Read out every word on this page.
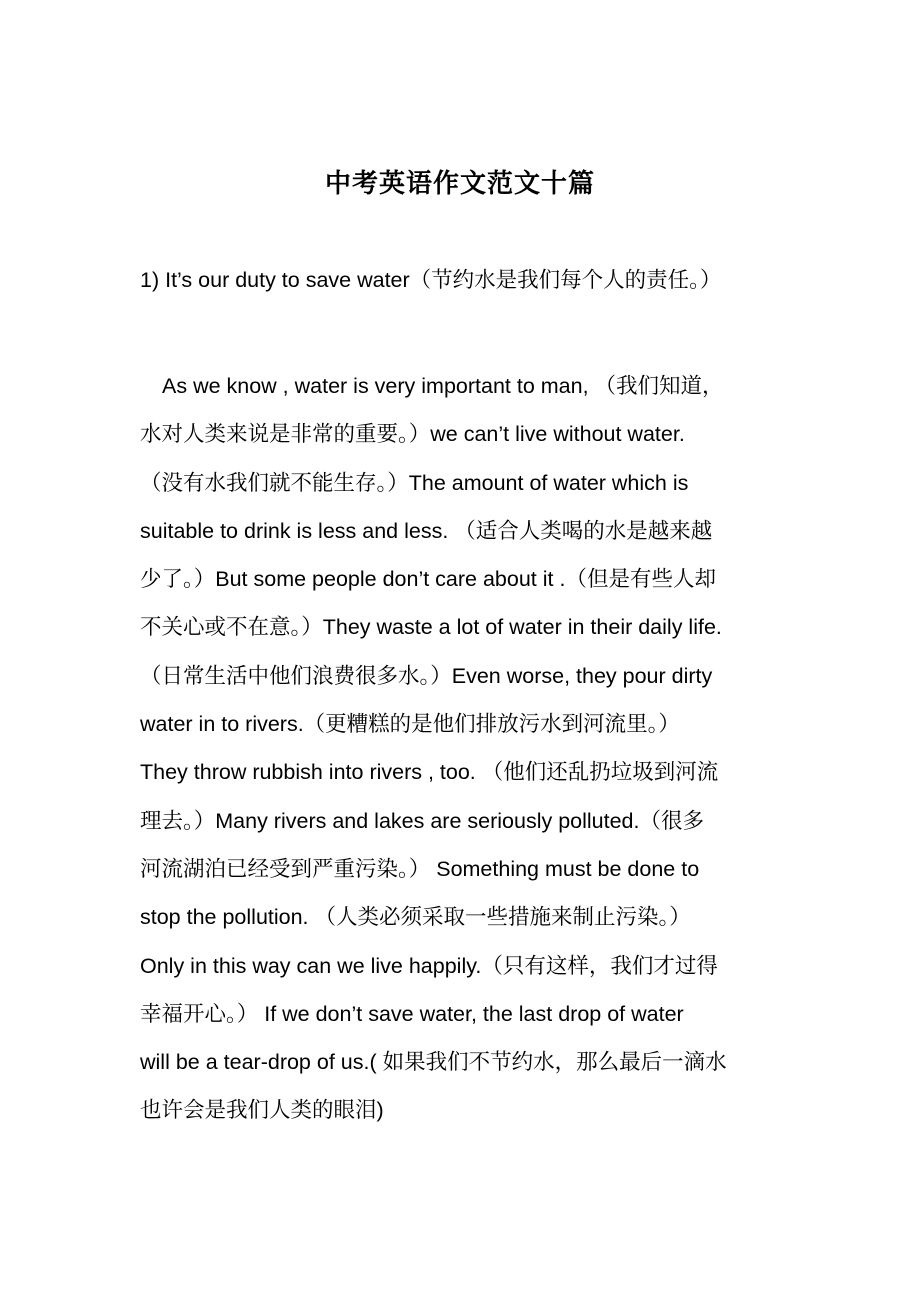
中考英语作文范文十篇

1) It’s our duty to save water（节约水是我们每个人的责任。）

As we know , water is very important to man, （我们知道，
水对人类来说是非常的重要。）we can’t live without water.
（没有水我们就不能生存。）The amount of water which is
suitable to drink is less and less. （适合人类喝的水是越来越
少了。）But some people don’t care about it .（但是有些人却
不关心或不在意。）They waste a lot of water in their daily life.
（日常生活中他们浪费很多水。）Even worse, they pour dirty
water in to rivers.（更糟糕的是他们排放污水到河流里。）
They throw rubbish into rivers , too. （他们还乱扔垃圾到河流
理去。）Many rivers and lakes are seriously polluted.（很多
河流湖泊已经受到严重污染。） Something must be done to
stop the pollution. （人类必须采取一些措施来制止污染。）
Only in this way can we live happily.（只有这样，我们才过得
幸福开心。） If we don’t save water, the last drop of water
will be a tear-drop of us.( 如果我们不节约水，那么最后一滴水
也许会是我们人类的眼泪)
